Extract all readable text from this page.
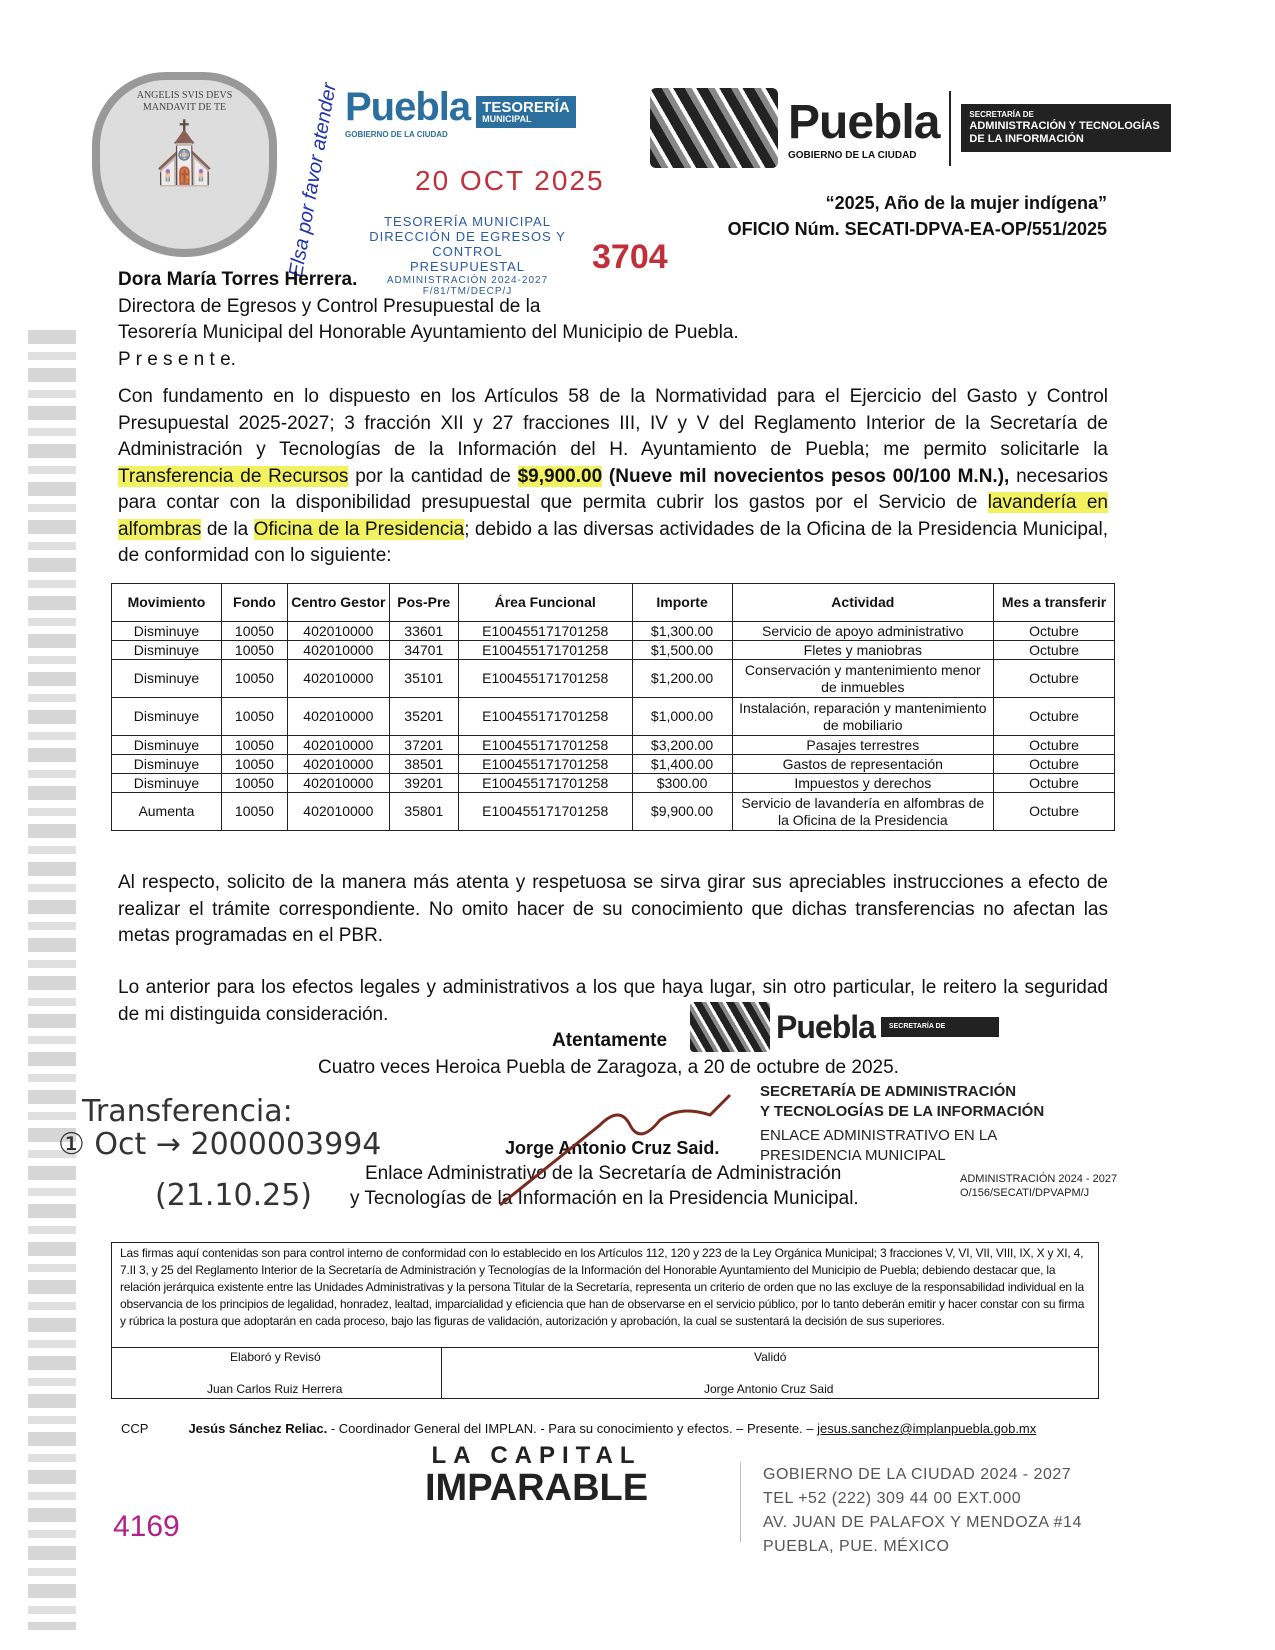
ANGELIS SVIS DEVS MANDAVIT DE TE
⛪
Puebla
GOBIERNO DE LA CIUDAD
TESORERÍA
MUNICIPAL
Elsa por favor atender	Puebla
GOBIERNO DE LA CIUDAD
SECRETARÍA DE
ADMINISTRACIÓN Y TECNOLOGÍAS
DE LA INFORMACIÓN
20 OCT 2025
TESORERÍA MUNICIPAL
DIRECCIÓN DE EGRESOS Y CONTROL
PRESUPUESTAL
ADMINISTRACIÓN 2024-2027
F/81/TM/DECP/J
3704
“2025, Año de la mujer indígena”
OFICIO Núm. SECATI-DPVA-EA-OP/551/2025
Dora María Torres Herrera.
Directora de Egresos y Control Presupuestal de la
Tesorería Municipal del Honorable Ayuntamiento del Municipio de Puebla.
P r e s e n t e.
Con fundamento en lo dispuesto en los Artículos 58 de la Normatividad para el Ejercicio del Gasto y Control Presupuestal 2025-2027; 3 fracción XII y 27 fracciones III, IV y V del Reglamento Interior de la Secretaría de Administración y Tecnologías de la Información del H. Ayuntamiento de Puebla; me permito solicitarle la Transferencia de Recursos por la cantidad de $9,900.00 (Nueve mil novecientos pesos 00/100 M.N.), necesarios para contar con la disponibilidad presupuestal que permita cubrir los gastos por el Servicio de lavandería en alfombras de la Oficina de la Presidencia; debido a las diversas actividades de la Oficina de la Presidencia Municipal, de conformidad con lo siguiente:
Movimiento	Fondo	Centro Gestor	Pos-Pre	Área Funcional	Importe	Actividad	Mes a transferir
Disminuye	10050	402010000	33601	E100455171701258	$1,300.00	Servicio de apoyo administrativo	Octubre
Disminuye	10050	402010000	34701	E100455171701258	$1,500.00	Fletes y maniobras	Octubre
Disminuye	10050	402010000	35101	E100455171701258	$1,200.00	Conservación y mantenimiento menor de inmuebles	Octubre
Disminuye	10050	402010000	35201	E100455171701258	$1,000.00	Instalación, reparación y mantenimiento de mobiliario	Octubre
Disminuye	10050	402010000	37201	E100455171701258	$3,200.00	Pasajes terrestres	Octubre
Disminuye	10050	402010000	38501	E100455171701258	$1,400.00	Gastos de representación	Octubre
Disminuye	10050	402010000	39201	E100455171701258	$300.00	Impuestos y derechos	Octubre
Aumenta	10050	402010000	35801	E100455171701258	$9,900.00	Servicio de lavandería en alfombras de la Oficina de la Presidencia	Octubre
Al respecto, solicito de la manera más atenta y respetuosa se sirva girar sus apreciables instrucciones a efecto de realizar el trámite correspondiente. No omito hacer de su conocimiento que dichas transferencias no afectan las metas programadas en el PBR.
Lo anterior para los efectos legales y administrativos a los que haya lugar, sin otro particular, le reitero la seguridad de mi distinguida consideración.
Atentamente
Cuatro veces Heroica Puebla de Zaragoza, a 20 de octubre de 2025.
Jorge Antonio Cruz Said.
Enlace Administrativo de la Secretaría de Administración
y Tecnologías de la Información en la Presidencia Municipal.
Puebla	SECRETARÍA DE
SECRETARÍA DE ADMINISTRACIÓN
Y TECNOLOGÍAS DE LA INFORMACIÓN
ENLACE ADMINISTRATIVO EN LA
PRESIDENCIA MUNICIPAL
ADMINISTRACIÓN 2024 - 2027
O/156/SECATI/DPVAPM/J
Transferencia:
① Oct → 2000003994
(21.10.25)
Las firmas aquí contenidas son para control interno de conformidad con lo establecido en los Artículos 112, 120 y 223 de la Ley Orgánica Municipal; 3 fracciones V, VI, VII, VIII, IX, X y XI, 4, 7.II 3, y 25 del Reglamento Interior de la Secretaría de Administración y Tecnologías de la Información del Honorable Ayuntamiento del Municipio de Puebla; debiendo destacar que, la relación jerárquica existente entre las Unidades Administrativas y la persona Titular de la Secretaría, representa un criterio de orden que no las excluye de la responsabilidad individual en la observancia de los principios de legalidad, honradez, lealtad, imparcialidad y eficiencia que han de observarse en el servicio público, por lo tanto deberán emitir y hacer constar con su firma y rúbrica la postura que adoptarán en cada proceso, bajo las figuras de validación, autorización y aprobación, la cual se sustentará la decisión de sus superiores.
Elaboró y Revisó
Juan Carlos Ruiz Herrera
Validó
Jorge Antonio Cruz Said
CCP	Jesús Sánchez Reliac. - Coordinador General del IMPLAN. - Para su conocimiento y efectos. – Presente. – jesus.sanchez@implanpuebla.gob.mx
LA CAPITAL
IMPARABLE	GOBIERNO DE LA CIUDAD 2024 - 2027
TEL +52 (222) 309 44 00 EXT.000
AV. JUAN DE PALAFOX Y MENDOZA #14
PUEBLA, PUE. MÉXICO
4169
